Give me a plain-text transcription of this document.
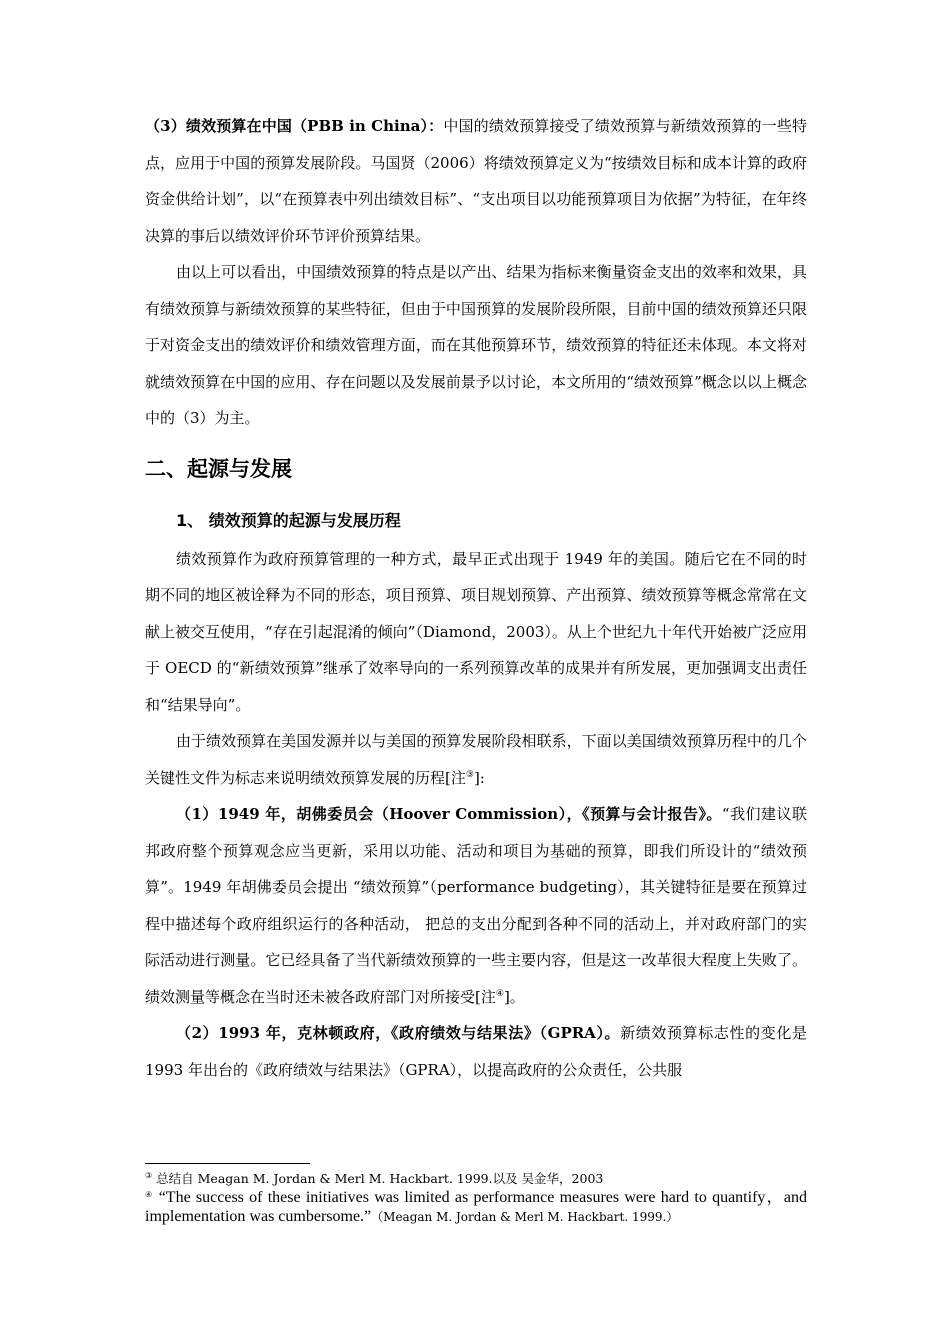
（3）绩效预算在中国（PBB in China）：中国的绩效预算接受了绩效预算与新绩效预算的一些特点，应用于中国的预算发展阶段。马国贤（2006）将绩效预算定义为“按绩效目标和成本计算的政府资金供给计划”，以“在预算表中列出绩效目标”、“支出项目以功能预算项目为依据”为特征，在年终决算的事后以绩效评价环节评价预算结果。

由以上可以看出，中国绩效预算的特点是以产出、结果为指标来衡量资金支出的效率和效果，具有绩效预算与新绩效预算的某些特征，但由于中国预算的发展阶段所限，目前中国的绩效预算还只限于对资金支出的绩效评价和绩效管理方面，而在其他预算环节，绩效预算的特征还未体现。本文将对就绩效预算在中国的应用、存在问题以及发展前景予以讨论，本文所用的“绩效预算”概念以以上概念中的（3）为主。

二、起源与发展
1、 绩效预算的起源与发展历程

绩效预算作为政府预算管理的一种方式，最早正式出现于 1949 年的美国。随后它在不同的时期不同的地区被诠释为不同的形态，项目预算、项目规划预算、产出预算、绩效预算等概念常常在文献上被交互使用，“存在引起混淆的倾向”（Diamond，2003）。从上个世纪九十年代开始被广泛应用于 OECD 的“新绩效预算”继承了效率导向的一系列预算改革的成果并有所发展，更加强调支出责任和“结果导向”。

由于绩效预算在美国发源并以与美国的预算发展阶段相联系，下面以美国绩效预算历程中的几个关键性文件为标志来说明绩效预算发展的历程[注③]:

（1）1949 年，胡佛委员会（Hoover Commission），《预算与会计报告》。“我们建议联邦政府整个预算观念应当更新，采用以功能、活动和项目为基础的预算，即我们所设计的“绩效预算”。1949 年胡佛委员会提出 “绩效预算”（performance budgeting），其关键特征是要在预算过程中描述每个政府组织运行的各种活动， 把总的支出分配到各种不同的活动上，并对政府部门的实际活动进行测量。它已经具备了当代新绩效预算的一些主要内容，但是这一改革很大程度上失败了。绩效测量等概念在当时还未被各政府部门对所接受[注④]。

（2）1993 年，克林顿政府，《政府绩效与结果法》（GPRA）。新绩效预算标志性的变化是 1993 年出台的《政府绩效与结果法》（GPRA），以提高政府的公众责任，公共服

③ 总结自 Meagan M. Jordan & Merl M. Hackbart. 1999.以及 吴金华，2003

④ “The success of these initiatives was limited as performance measures were hard to quantify，and implementation was cumbersome.”（Meagan M. Jordan & Merl M. Hackbart. 1999.）
